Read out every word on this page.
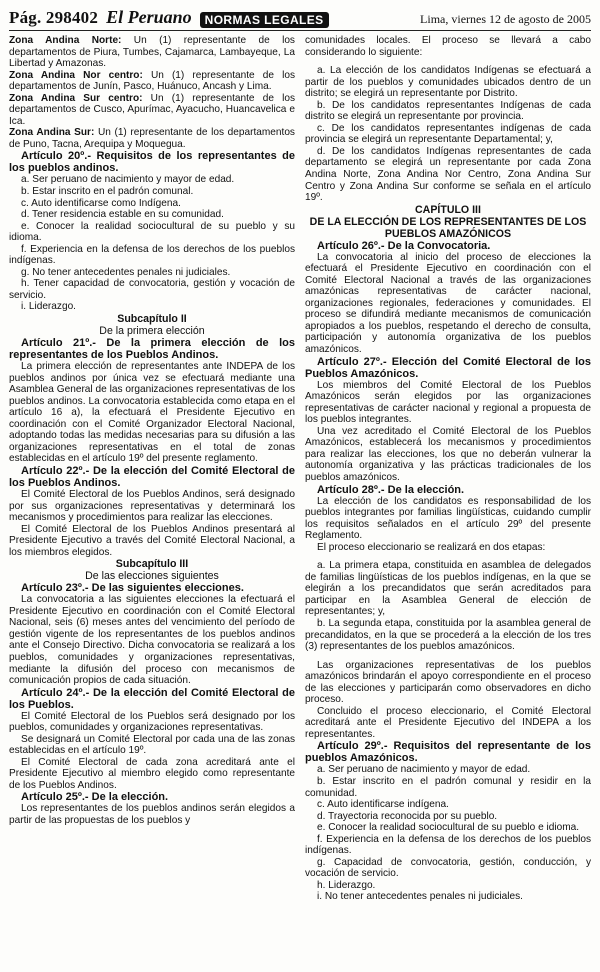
Pág. 298402 El Peruano	NORMAS LEGALES	Lima, viernes 12 de agosto de 2005

Zona Andina Norte: Un (1) representante de los departamentos de Piura, Tumbes, Cajamarca, Lambayeque, La Libertad y Amazonas.

Zona Andina Nor centro: Un (1) representante de los departamentos de Junín, Pasco, Huánuco, Ancash y Lima.

Zona Andina Sur centro: Un (1) representante de los departamentos de Cusco, Apurímac, Ayacucho, Huancavelica e Ica.

Zona Andina Sur: Un (1) representante de los departamentos de Puno, Tacna, Arequipa y Moquegua.

Artículo 20º.- Requisitos de los representantes de los pueblos andinos.

a. Ser peruano de nacimiento y mayor de edad.

b. Estar inscrito en el padrón comunal.

c. Auto identificarse como Indígena.

d. Tener residencia estable en su comunidad.

e. Conocer la realidad sociocultural de su pueblo y su idioma.

f. Experiencia en la defensa de los derechos de los pueblos indígenas.

g. No tener antecedentes penales ni judiciales.

h. Tener capacidad de convocatoria, gestión y vocación de servicio.

i. Liderazgo.

Subcapítulo II

De la primera elección

Artículo 21º.- De la primera elección de los representantes de los Pueblos Andinos.

La primera elección de representantes ante INDEPA de los pueblos andinos por única vez se efectuará mediante una Asamblea General de las organizaciones representativas de los pueblos andinos. La convocatoria establecida como etapa en el artículo 16 a), la efectuará el Presidente Ejecutivo en coordinación con el Comité Organizador Electoral Nacional, adoptando todas las medidas necesarias para su difusión a las organizaciones representativas en el total de zonas establecidas en el artículo 19º del presente reglamento.

Artículo 22º.- De la elección del Comité Electoral de los Pueblos Andinos.

El Comité Electoral de los Pueblos Andinos, será designado por sus organizaciones representativas y determinará los mecanismos y procedimientos para realizar las elecciones.

El Comité Electoral de los Pueblos Andinos presentará al Presidente Ejecutivo a través del Comité Electoral Nacional, a los miembros elegidos.

Subcapítulo III

De las elecciones siguientes

Artículo 23º.- De las siguientes elecciones.

La convocatoria a las siguientes elecciones la efectuará el Presidente Ejecutivo en coordinación con el Comité Electoral Nacional, seis (6) meses antes del vencimiento del período de gestión vigente de los representantes de los pueblos andinos ante el Consejo Directivo. Dicha convocatoria se realizará a los pueblos, comunidades y organizaciones representativas, mediante la difusión del proceso con mecanismos de comunicación propios de cada situación.

Artículo 24º.- De la elección del Comité Electoral de los Pueblos.

El Comité Electoral de los Pueblos será designado por los pueblos, comunidades y organizaciones representativas.

Se designará un Comité Electoral por cada una de las zonas establecidas en el artículo 19º.

El Comité Electoral de cada zona acreditará ante el Presidente Ejecutivo al miembro elegido como representante de los Pueblos Andinos.

Artículo 25º.- De la elección.

Los representantes de los pueblos andinos serán elegidos a partir de las propuestas de los pueblos y

comunidades locales. El proceso se llevará a cabo considerando lo siguiente:

a. La elección de los candidatos Indígenas se efectuará a partir de los pueblos y comunidades ubicados dentro de un distrito; se elegirá un representante por Distrito.

b. De los candidatos representantes Indígenas de cada distrito se elegirá un representante por provincia.

c. De los candidatos representantes indígenas de cada provincia se elegirá un representante Departamental; y,

d. De los candidatos Indígenas representantes de cada departamento se elegirá un representante por cada Zona Andina Norte, Zona Andina Nor Centro, Zona Andina Sur Centro y Zona Andina Sur conforme se señala en el artículo 19º.

CAPÍTULO III

DE LA ELECCIÓN DE LOS REPRESENTANTES DE LOS PUEBLOS AMAZÓNICOS

Artículo 26º.- De la Convocatoria.

La convocatoria al inicio del proceso de elecciones la efectuará el Presidente Ejecutivo en coordinación con el Comité Electoral Nacional a través de las organizaciones amazónicas representativas de carácter nacional, organizaciones regionales, federaciones y comunidades. El proceso se difundirá mediante mecanismos de comunicación apropiados a los pueblos, respetando el derecho de consulta, participación y autonomía organizativa de los pueblos amazónicos.

Artículo 27º.- Elección del Comité Electoral de los Pueblos Amazónicos.

Los miembros del Comité Electoral de los Pueblos Amazónicos serán elegidos por las organizaciones representativas de carácter nacional y regional a propuesta de los pueblos integrantes.

Una vez acreditado el Comité Electoral de los Pueblos Amazónicos, establecerá los mecanismos y procedimientos para realizar las elecciones, los que no deberán vulnerar la autonomía organizativa y las prácticas tradicionales de los pueblos amazónicos.

Artículo 28º.- De la elección.

La elección de los candidatos es responsabilidad de los pueblos integrantes por familias lingüísticas, cuidando cumplir los requisitos señalados en el artículo 29º del presente Reglamento.

El proceso eleccionario se realizará en dos etapas:

a. La primera etapa, constituida en asamblea de delegados de familias lingüísticas de los pueblos indígenas, en la que se elegirán a los precandidatos que serán acreditados para participar en la Asamblea General de elección de representantes; y,

b. La segunda etapa, constituida por la asamblea general de precandidatos, en la que se procederá a la elección de los tres (3) representantes de los pueblos amazónicos.

Las organizaciones representativas de los pueblos amazónicos brindarán el apoyo correspondiente en el proceso de las elecciones y participarán como observadores en dicho proceso.

Concluido el proceso eleccionario, el Comité Electoral acreditará ante el Presidente Ejecutivo del INDEPA a los representantes.

Artículo 29º.- Requisitos del representante de los pueblos Amazónicos.

a. Ser peruano de nacimiento y mayor de edad.

b. Estar inscrito en el padrón comunal y residir en la comunidad.

c. Auto identificarse indígena.

d. Trayectoria reconocida por su pueblo.

e. Conocer la realidad sociocultural de su pueblo e idioma.

f. Experiencia en la defensa de los derechos de los pueblos indígenas.

g. Capacidad de convocatoria, gestión, conducción, y vocación de servicio.

h. Liderazgo.

i. No tener antecedentes penales ni judiciales.
